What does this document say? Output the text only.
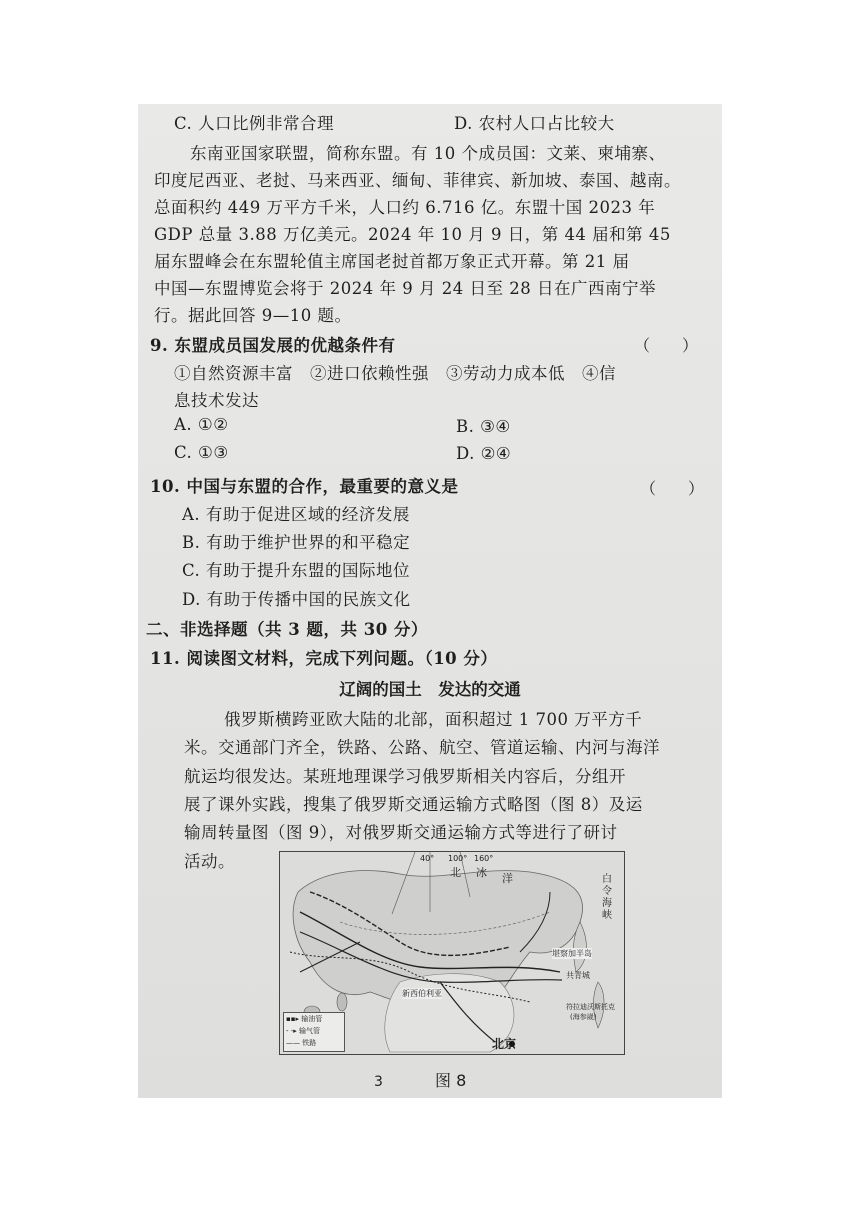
C. 人口比例非常合理	D. 农村人口占比较大
东南亚国家联盟，简称东盟。有 10 个成员国：文莱、柬埔寨、
印度尼西亚、老挝、马来西亚、缅甸、菲律宾、新加坡、泰国、越南。
总面积约 449 万平方千米，人口约 6.716 亿。东盟十国 2023 年
GDP 总量 3.88 万亿美元。2024 年 10 月 9 日，第 44 届和第 45
届东盟峰会在东盟轮值主席国老挝首都万象正式开幕。第 21 届
中国—东盟博览会将于 2024 年 9 月 24 日至 28 日在广西南宁举
行。据此回答 9—10 题。
9. 东盟成员国发展的优越条件有	（　　）
①自然资源丰富　②进口依赖性强　③劳动力成本低　④信
息技术发达
A. ①②	B. ③④
C. ①③	D. ②④
10. 中国与东盟的合作，最重要的意义是	（　　）
A. 有助于促进区域的经济发展
B. 有助于维护世界的和平稳定
C. 有助于提升东盟的国际地位
D. 有助于传播中国的民族文化
二、非选择题（共 3 题，共 30 分）
11. 阅读图文材料，完成下列问题。（10 分）
辽阔的国土　发达的交通
俄罗斯横跨亚欧大陆的北部，面积超过 1 700 万平方千
米。交通部门齐全，铁路、公路、航空、管道运输、内河与海洋
航运均很发达。某班地理课学习俄罗斯相关内容后，分组开
展了课外实践，搜集了俄罗斯交通运输方式略图（图 8）及运
输周转量图（图 9），对俄罗斯交通运输方式等进行了研讨
活动。	40° 100° 160°
北 冰 洋	白
令
海
峡
堪察加半岛
共青城
新西伯利亚
符拉迪沃斯托克
(海参崴)
▪▪▸ 输油管
- -▸ 输气管
—— 铁路	北京
3	图 8
